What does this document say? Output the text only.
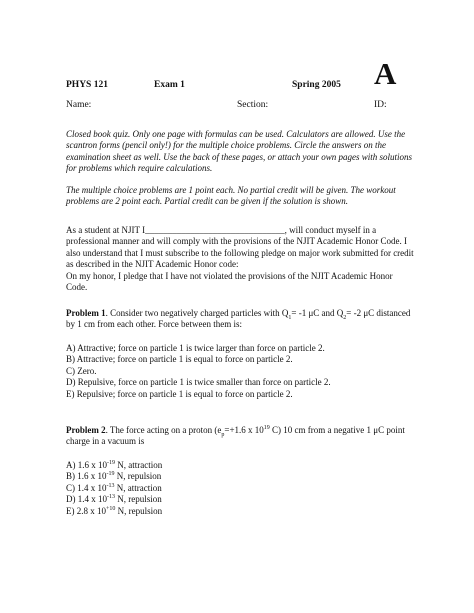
PHYS 121	Exam 1	Spring 2005 A
Name:	Section:	ID:

Closed book quiz. Only one page with formulas can be used. Calculators are allowed. Use the scantron forms (pencil only!) for the multiple choice problems. Circle the answers on the examination sheet as well. Use the back of these pages, or attach your own pages with solutions for problems which require calculations.

The multiple choice problems are 1 point each. No partial credit will be given. The workout problems are 2 point each. Partial credit can be given if the solution is shown.

As a student at NJIT I_______________________________, will conduct myself in a professional manner and will comply with the provisions of the NJIT Academic Honor Code. I also understand that I must subscribe to the following pledge on major work submitted for credit as described in the NJIT Academic Honor code:

On my honor, I pledge that I have not violated the provisions of the NJIT Academic Honor Code.

Problem 1. Consider two negatively charged particles with $Q_1= -1$ μC and $Q_2= -2$ μC distanced by 1 cm from each other. Force between them is:

A) Attractive; force on particle 1 is twice larger than force on particle 2.
B) Attractive; force on particle 1 is equal to force on particle 2.
C) Zero.
D) Repulsive, force on particle 1 is twice smaller than force on particle 2.
E) Repulsive; force on particle 1 is equal to force on particle 2.

Problem 2. The force acting on a proton ($e_p=+1.6$ x $10^{19}$ C) 10 cm from a negative 1 μC point charge in a vacuum is

A) 1.6 x $10^{-19}$ N, attraction
B) 1.6 x $10^{-19}$ N, repulsion
C) 1.4 x $10^{-13}$ N, attraction
D) 1.4 x $10^{-13}$ N, repulsion
E) 2.8 x $10^{+10}$ N, repulsion
